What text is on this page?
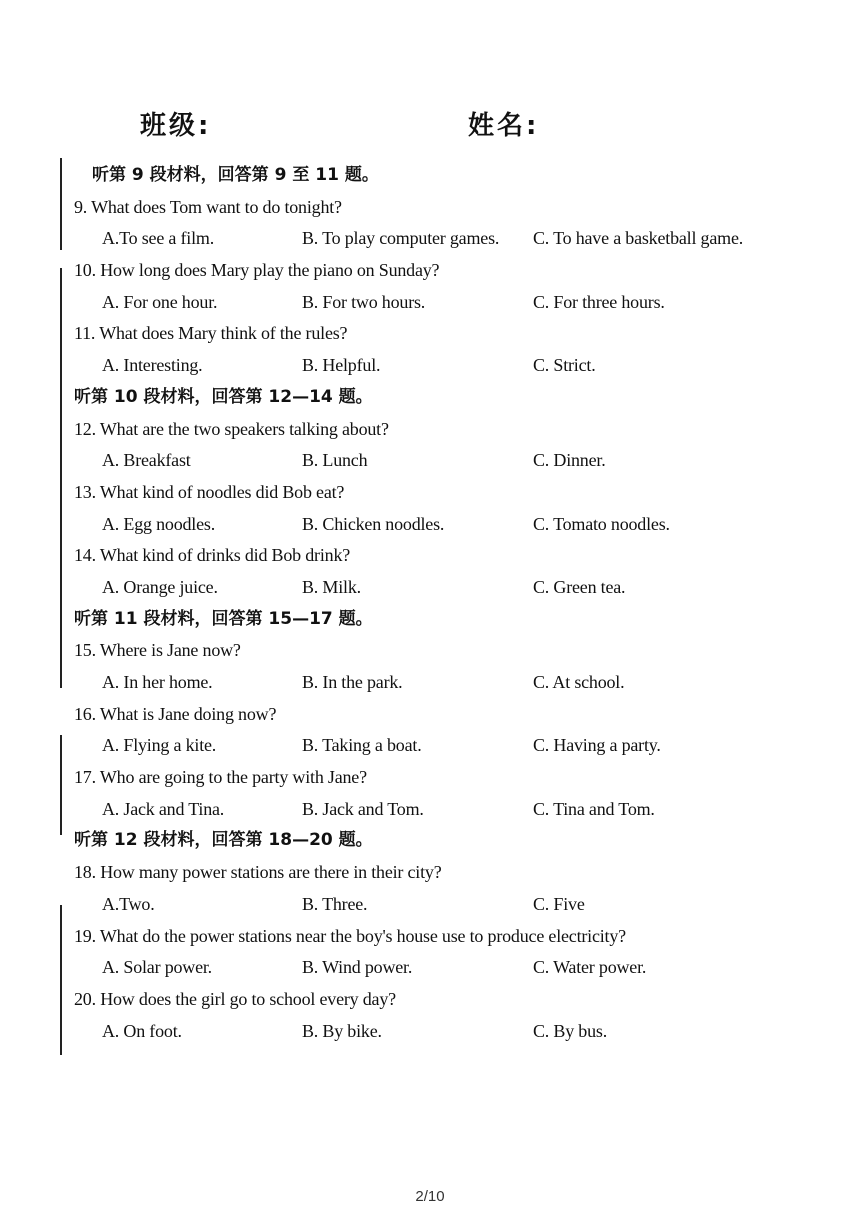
班级:	姓名:
听第 9 段材料，回答第 9 至 11 题。
9. What does Tom want to do tonight?
A.To see a film.	B. To play computer games. C. To have a basketball game.
10. How long does Mary play the piano on Sunday?
A. For one hour.	B. For two hours.	C. For three hours.
11. What does Mary think of the rules?
A. Interesting.	B. Helpful.	C. Strict.
听第 10 段材料，回答第 12—14 题。
12. What are the two speakers talking about?
A. Breakfast	B. Lunch	C. Dinner.
13. What kind of noodles did Bob eat?
A. Egg noodles.	B. Chicken noodles.	C. Tomato noodles.
14. What kind of drinks did Bob drink?
A. Orange juice.	B. Milk.	C. Green tea.
听第 11 段材料，回答第 15—17 题。
15. Where is Jane now?
A. In her home.	B. In the park.	C. At school.
16. What is Jane doing now?
A. Flying a kite.	B. Taking a boat.	C. Having a party.
17. Who are going to the party with Jane?
A. Jack and Tina.	B. Jack and Tom.	C. Tina and Tom.
听第 12 段材料，回答第 18—20 题。
18. How many power stations are there in their city?
A.Two.	B. Three.	C. Five
19. What do the power stations near the boy's house use to produce electricity?
A. Solar power.	B. Wind power.	C. Water power.
20. How does the girl go to school every day?
A. On foot.	B. By bike.	C. By bus.
2/10
